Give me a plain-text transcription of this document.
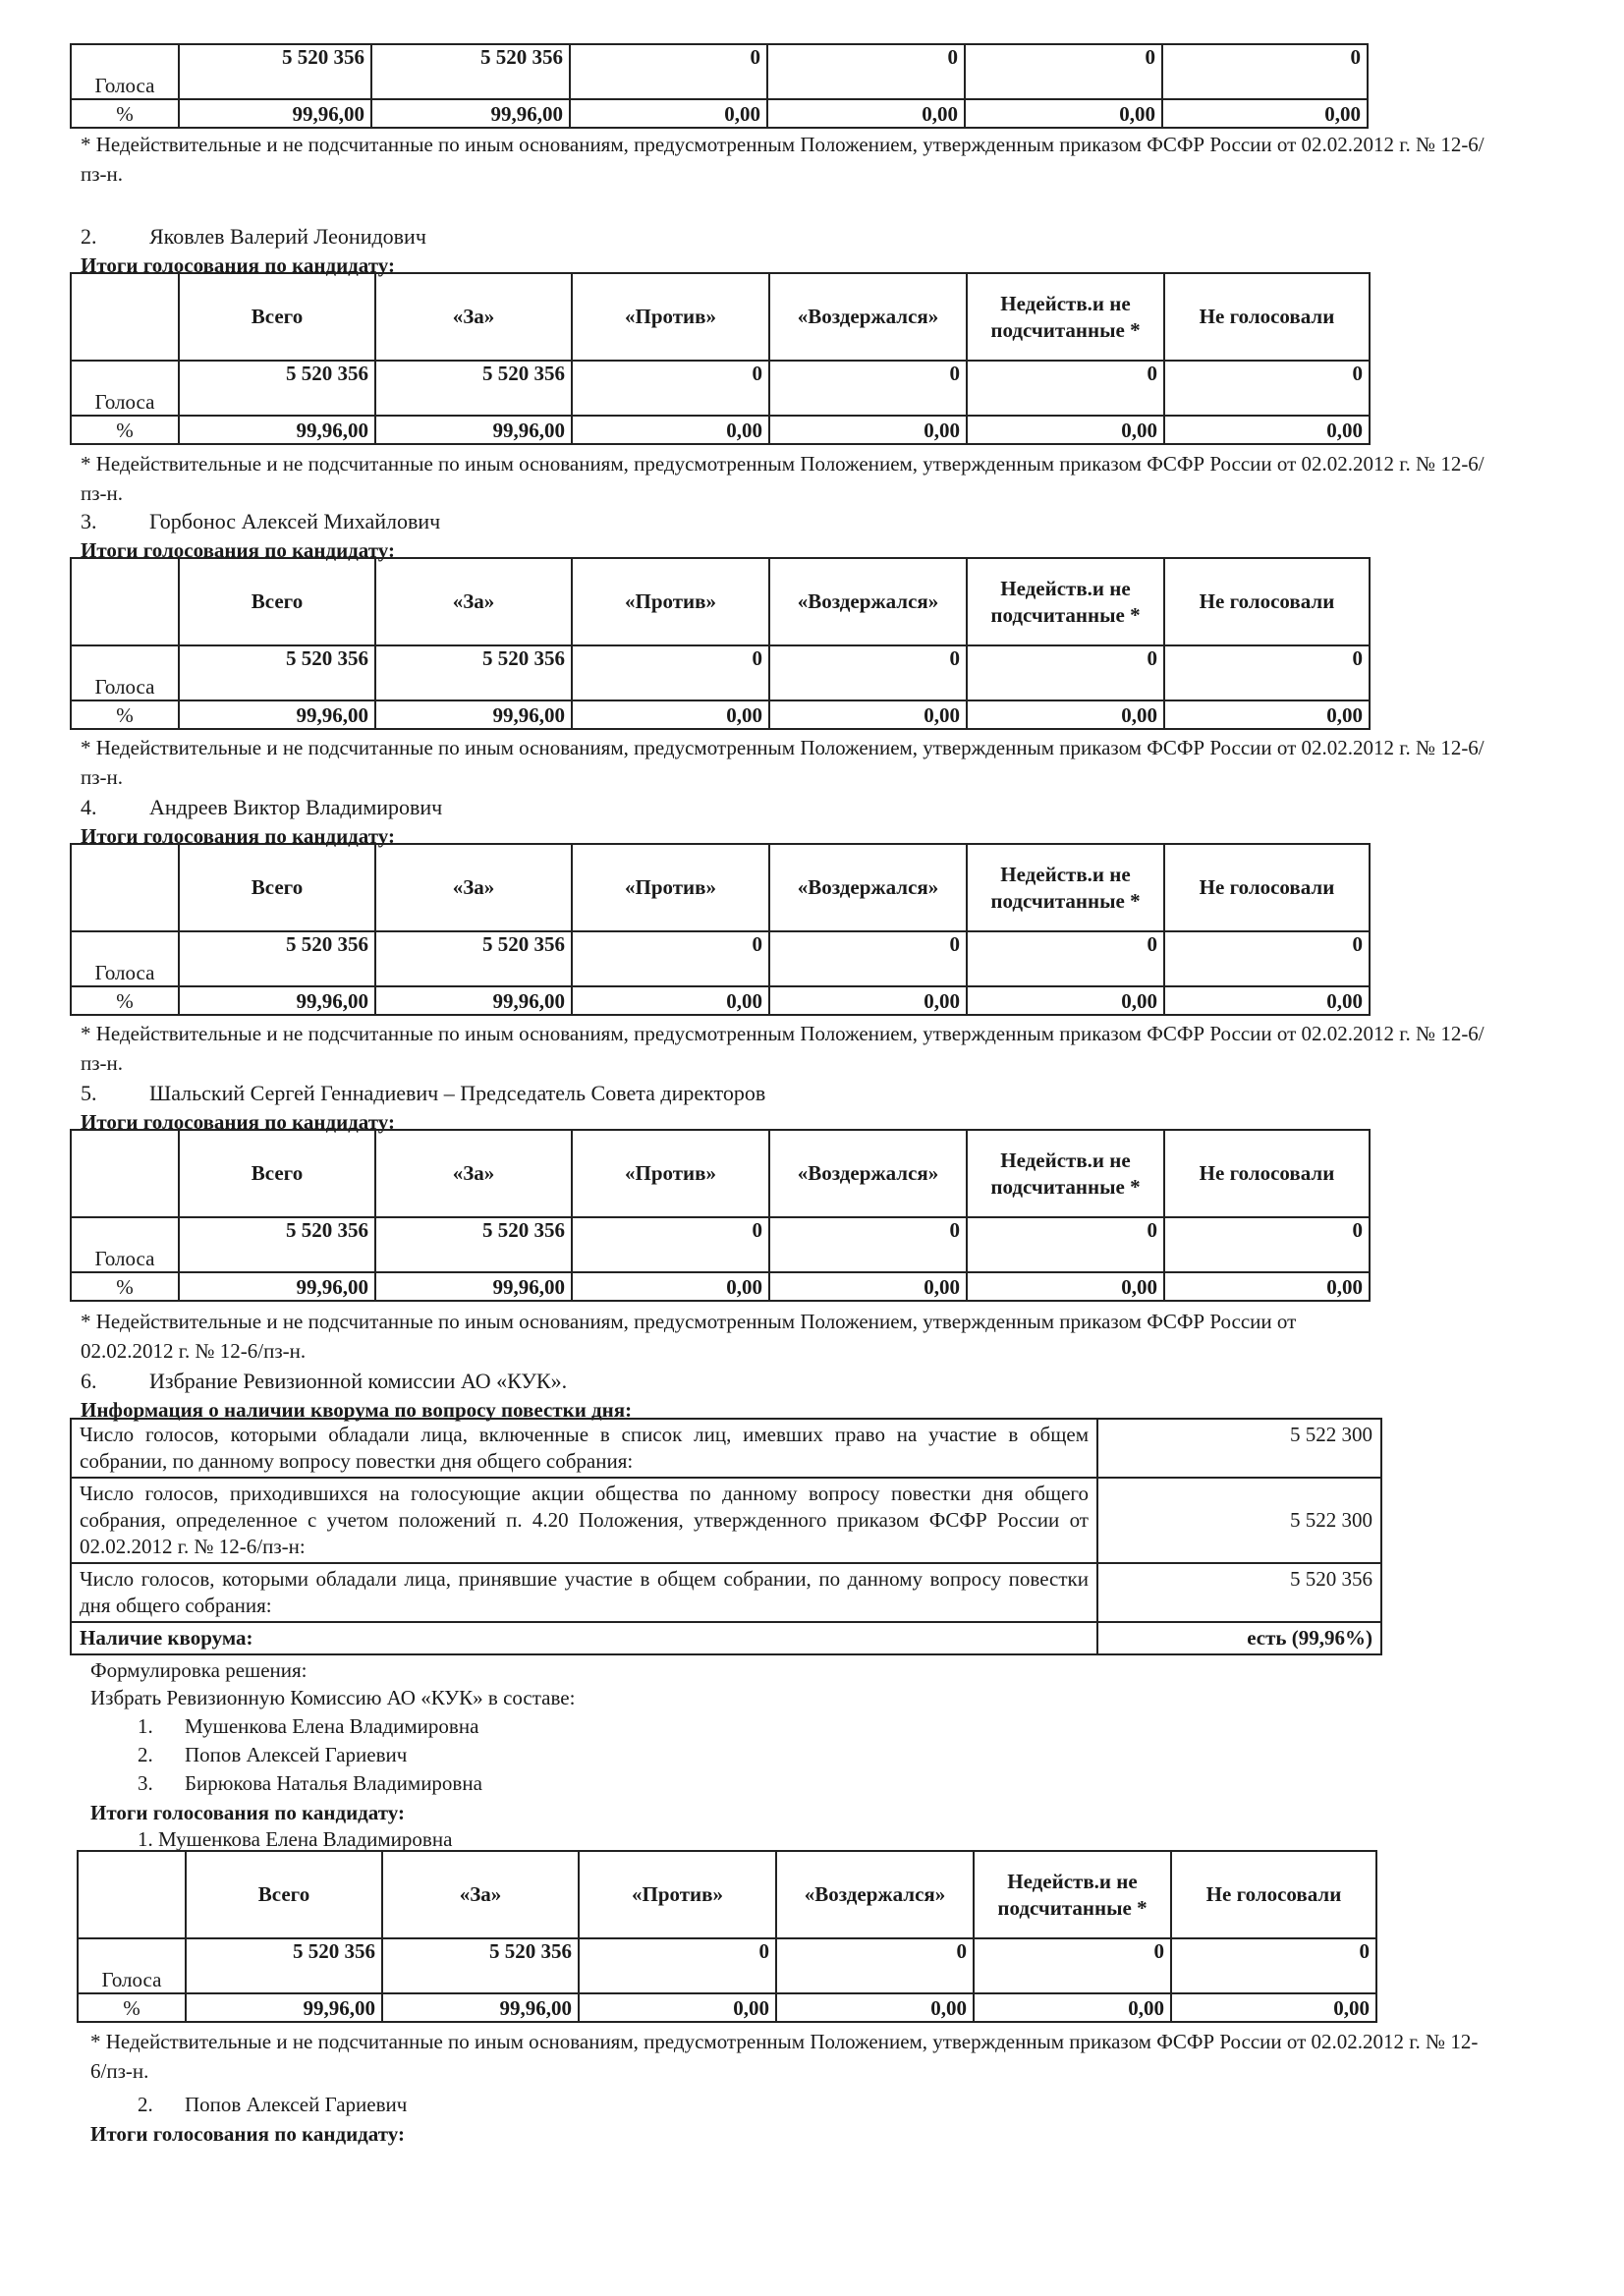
Голоса	5 520 356	5 520 356	0	0	0	0
%	99,96,00	99,96,00	0,00	0,00	0,00	0,00
* Недействительные и не подсчитанные по иным основаниям, предусмотренным Положением, утвержденным приказом ФСФР России от 02.02.2012 г. № 12-6/пз-н.
2. Яковлев Валерий Леонидович
Итоги голосования по кандидату:
	Всего	«За»	«Против»	«Воздержался»	Недейств.и не подсчитанные *	Не голосовали
Голоса	5 520 356	5 520 356	0	0	0	0
%	99,96,00	99,96,00	0,00	0,00	0,00	0,00
* Недействительные и не подсчитанные по иным основаниям, предусмотренным Положением, утвержденным приказом ФСФР России от 02.02.2012 г. № 12-6/пз-н.
3. Горбонос Алексей Михайлович
Итоги голосования по кандидату:
	Всего	«За»	«Против»	«Воздержался»	Недейств.и не подсчитанные *	Не голосовали
Голоса	5 520 356	5 520 356	0	0	0	0
%	99,96,00	99,96,00	0,00	0,00	0,00	0,00
* Недействительные и не подсчитанные по иным основаниям, предусмотренным Положением, утвержденным приказом ФСФР России от 02.02.2012 г. № 12-6/пз-н.
4. Андреев Виктор Владимирович
Итоги голосования по кандидату:
	Всего	«За»	«Против»	«Воздержался»	Недейств.и не подсчитанные *	Не голосовали
Голоса	5 520 356	5 520 356	0	0	0	0
%	99,96,00	99,96,00	0,00	0,00	0,00	0,00
* Недействительные и не подсчитанные по иным основаниям, предусмотренным Положением, утвержденным приказом ФСФР России от 02.02.2012 г. № 12-6/пз-н.
5. Шальский Сергей Геннадиевич – Председатель Совета директоров
Итоги голосования по кандидату:
	Всего	«За»	«Против»	«Воздержался»	Недейств.и не подсчитанные *	Не голосовали
Голоса	5 520 356	5 520 356	0	0	0	0
%	99,96,00	99,96,00	0,00	0,00	0,00	0,00
* Недействительные и не подсчитанные по иным основаниям, предусмотренным Положением, утвержденным приказом ФСФР России от 02.02.2012 г. № 12-6/пз-н.
6. Избрание Ревизионной комиссии АО «КУК».
Информация о наличии кворума по вопросу повестки дня:
Число голосов, которыми обладали лица, включенные в список лиц, имевших право на участие в общем собрании, по данному вопросу повестки дня общего собрания:	5 522 300
Число голосов, приходившихся на голосующие акции общества по данному вопросу повестки дня общего собрания, определенное с учетом положений п. 4.20 Положения, утвержденного приказом ФСФР России от 02.02.2012 г. № 12-6/пз-н:	5 522 300
Число голосов, которыми обладали лица, принявшие участие в общем собрании, по данному вопросу повестки дня общего собрания:	5 520 356
Наличие кворума:	есть (99,96%)
Формулировка решения:
Избрать Ревизионную Комиссию АО «КУК» в составе:
1. Мушенкова Елена Владимировна
2. Попов Алексей Гариевич
3. Бирюкова Наталья Владимировна
Итоги голосования по кандидату:
1. Мушенкова Елена Владимировна
	Всего	«За»	«Против»	«Воздержался»	Недейств.и не подсчитанные *	Не голосовали
Голоса	5 520 356	5 520 356	0	0	0	0
%	99,96,00	99,96,00	0,00	0,00	0,00	0,00
* Недействительные и не подсчитанные по иным основаниям, предусмотренным Положением, утвержденным приказом ФСФР России от 02.02.2012 г. № 12-6/пз-н.
2. Попов Алексей Гариевич
Итоги голосования по кандидату:
